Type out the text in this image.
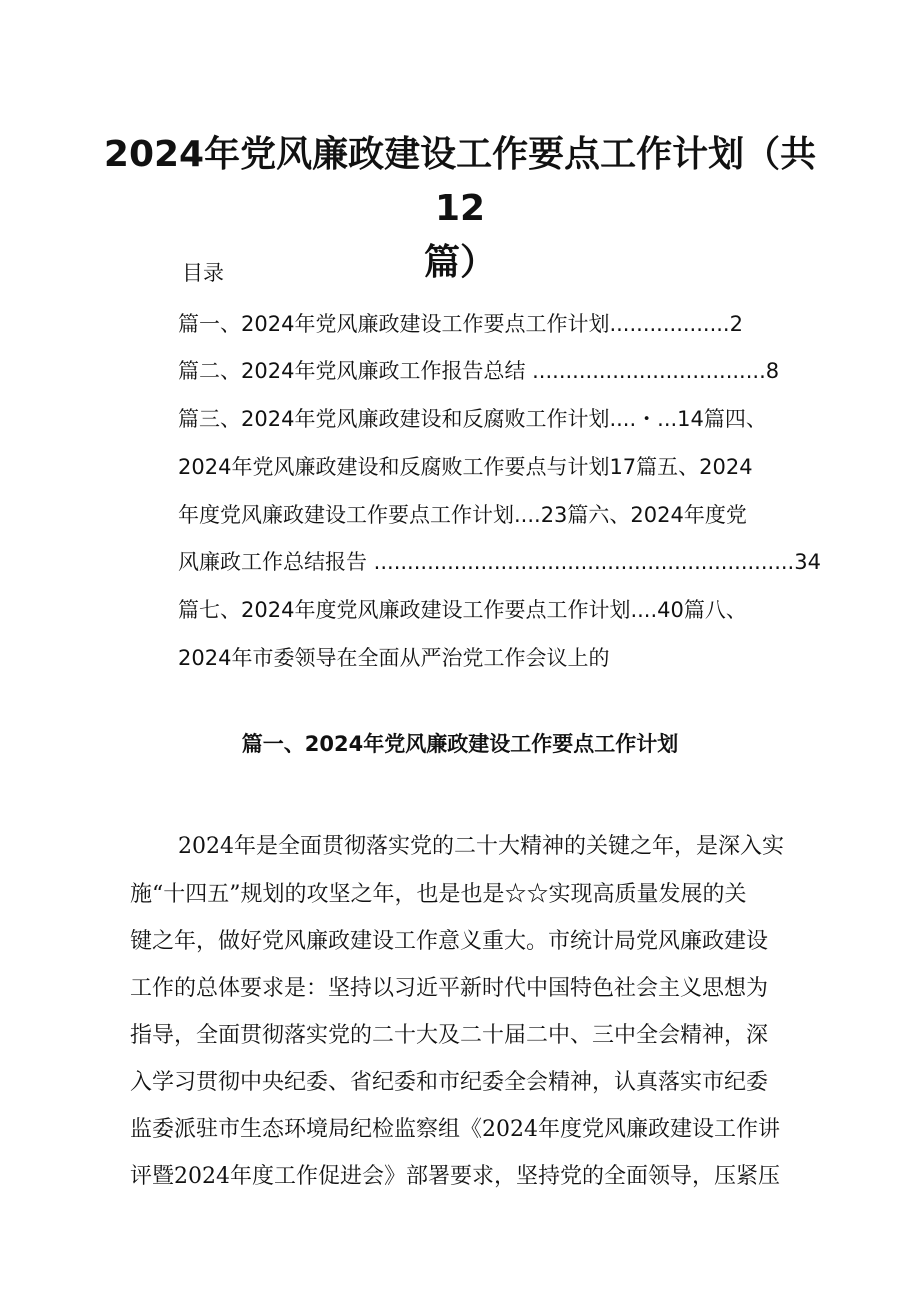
2024年党风廉政建设工作要点工作计划（共12
篇）
目录
篇一、2024年党风廉政建设工作要点工作计划..................2
篇二、2024年党风廉政工作报告总结 ...................................8
篇三、2024年党风廉政建设和反腐败工作计划....・...14篇四、
2024年党风廉政建设和反腐败工作要点与计划17篇五、2024
年度党风廉政建设工作要点工作计划....23篇六、2024年度党
风廉政工作总结报告 ...............................................................34
篇七、2024年度党风廉政建设工作要点工作计划....40篇八、
2024年市委领导在全面从严治党工作会议上的
篇一、2024年党风廉政建设工作要点工作计划
2024年是全面贯彻落实党的二十大精神的关键之年，是深入实
施“十四五”规划的攻坚之年，也是也是☆☆实现高质量发展的关
键之年，做好党风廉政建设工作意义重大。市统计局党风廉政建设
工作的总体要求是：坚持以习近平新时代中国特色社会主义思想为
指导，全面贯彻落实党的二十大及二十届二中、三中全会精神，深
入学习贯彻中央纪委、省纪委和市纪委全会精神，认真落实市纪委
监委派驻市生态环境局纪检监察组《2024年度党风廉政建设工作讲
评暨2024年度工作促进会》部署要求，坚持党的全面领导，压紧压
